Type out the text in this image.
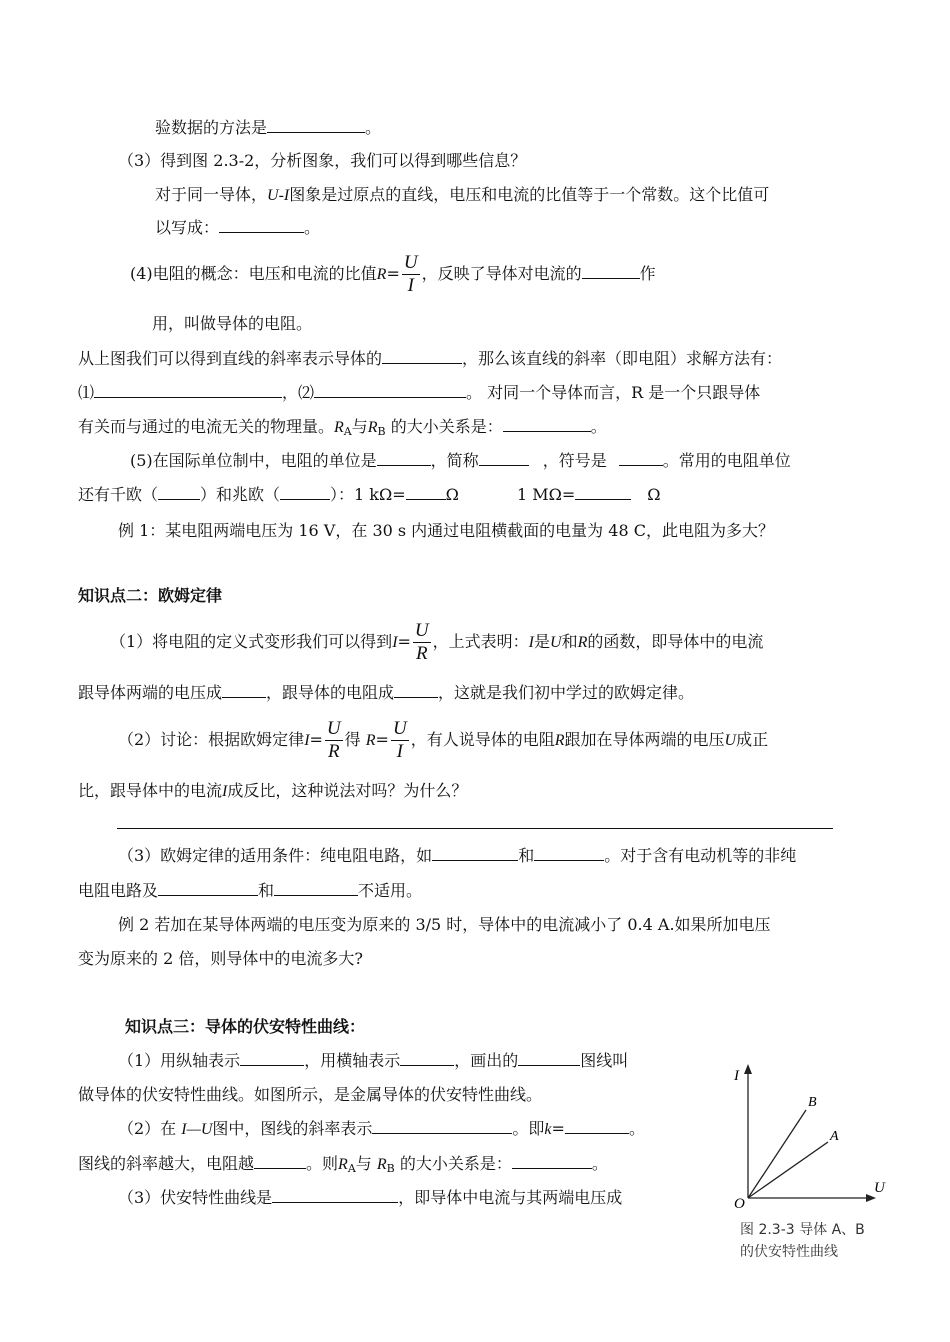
验数据的方法是	。
（3）得到图 2.3-2，分析图象，我们可以得到哪些信息？
对于同一导体，U-I图象是过原点的直线，电压和电流的比值等于一个常数。这个比值可
以写成：	。
(4)电阻的概念：电压和电流的比值$R= \frac{U}{I}$ ，反映了导体对电流的	作
用，叫做导体的电阻。
从上图我们可以得到直线的斜率表示导体的	，那么该直线的斜率（即电阻）求解方法有：
⑴	，⑵	。 对同一个导体而言，R 是一个只跟导体
有关而与通过的电流无关的物理量。$R_A$与$R_B$ 的大小关系是：	。
(5)在国际单位制中，电阻的单位是	，简称	，符号是	。常用的电阻单位
还有千欧（	）和兆欧（	）：1 kΩ=	Ω	1 MΩ=	Ω
例 1：某电阻两端电压为 16 V，在 30 s 内通过电阻横截面的电量为 48 C，此电阻为多大？
知识点二：欧姆定律
（1）将电阻的定义式变形我们可以得到$I= \frac{U}{R}$ ，上式表明：I是U和R的函数，即导体中的电流
跟导体两端的电压成	，跟导体的电阻成	，这就是我们初中学过的欧姆定律。
（2）讨论：根据欧姆定律$I= \frac{U}{R}$ 得 $R= \frac{U}{I}$ ，有人说导体的电阻R跟加在导体两端的电压U成正
比，跟导体中的电流I成反比，这种说法对吗？为什么？
（3）欧姆定律的适用条件：纯电阻电路，如	和	。对于含有电动机等的非纯
电阻电路及	和	不适用。
例 2 若加在某导体两端的电压变为原来的 3/5 时，导体中的电流减小了 0.4 A.如果所加电压
变为原来的 2 倍，则导体中的电流多大?
知识点三：导体的伏安特性曲线：
（1）用纵轴表示	，用横轴表示	，画出的	图线叫
做导体的伏安特性曲线。如图所示，是金属导体的伏安特性曲线。
（2）在 I—U图中，图线的斜率表示	。即k=	。
图线的斜率越大，电阻越	。则$R_A$与 $R_B$ 的大小关系是：	。
（3）伏安特性曲线是	，即导体中电流与其两端电压成
I
U
O
B
A
图 2.3-3 导体 A、B
的伏安特性曲线
